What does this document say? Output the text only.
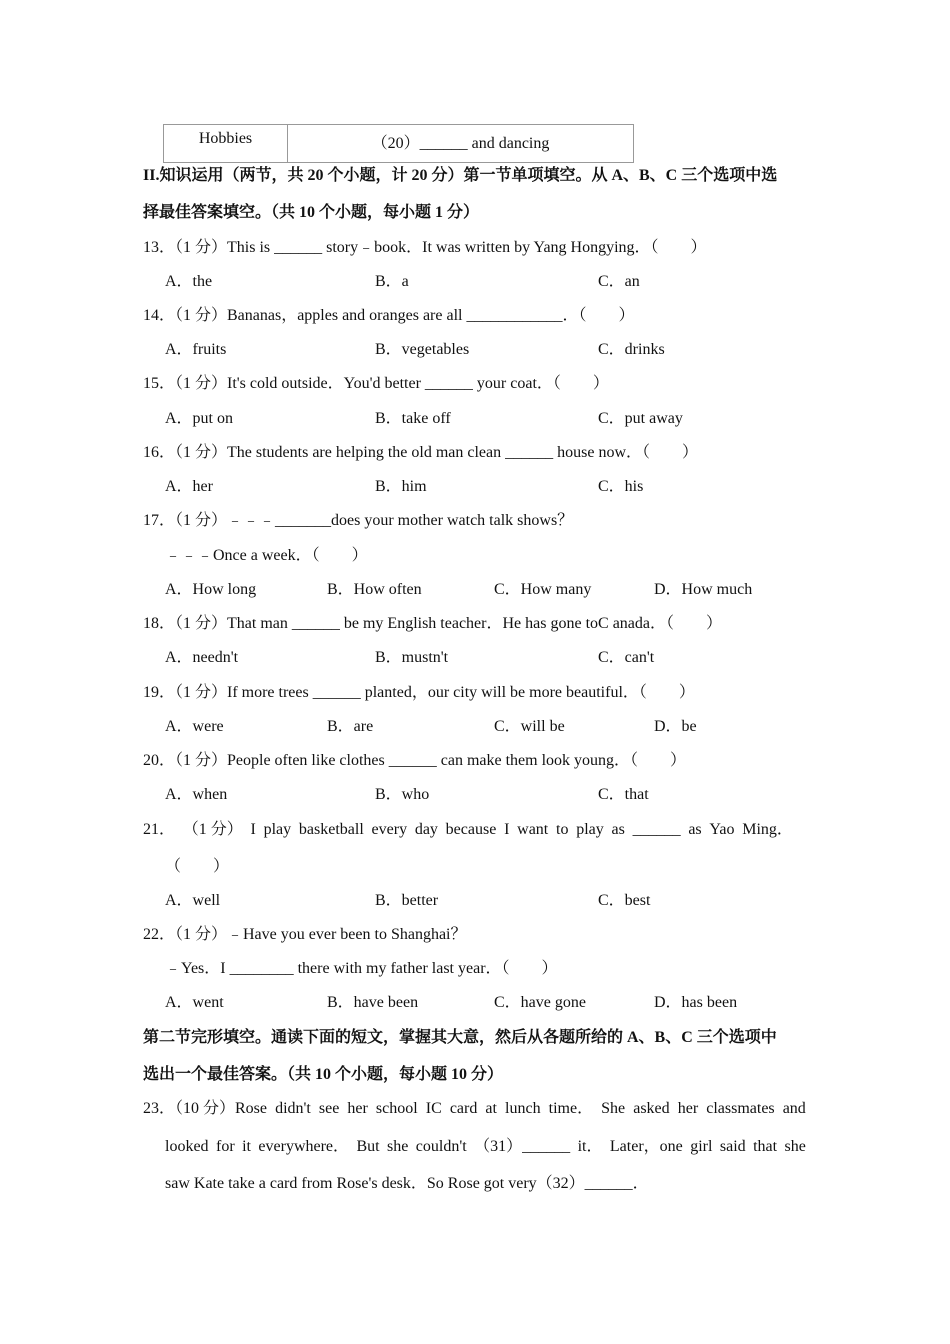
Hobbies	（20）______ and dancing
II.知识运用（两节，共 20 个小题，计 20 分）第一节单项填空。从 A、B、C 三个选项中选
择最佳答案填空。（共 10 个小题，每小题 1 分）
13．（1 分）This is ______ story﹣book．It was written by Yang Hongying．（　　）
A．the	B．a	C．an
14．（1 分）Bananas，apples and oranges are all ____________．（　　）
A．fruits	B．vegetables	C．drinks
15．（1 分）It's cold outside．You'd better ______ your coat．（　　）
A．put on	B．take off	C．put away
16．（1 分）The students are helping the old man clean ______ house now．（　　）
A．her	B．him	C．his
17．（1 分）﹣﹣﹣_______does your mother watch talk shows？
﹣﹣﹣Once a week．（　　）
A．How long	B．How often	C．How many	D．How much
18．（1 分）That man ______ be my English teacher．He has gone toC anada．（　　）
A．needn't	B．mustn't	C．can't
19．（1 分）If more trees ______ planted，our city will be more beautiful．（　　）
A．were	B．are	C．will be	D．be
20．（1 分）People often like clothes ______ can make them look young．（　　）
A．when	B．who	C．that
21． （1 分） I play basketball every day because I want to play as ______ as Yao Ming．
（　　）
A．well	B．better	C．best
22．（1 分）﹣Have you ever been to Shanghai？
﹣Yes．I ________ there with my father last year．（　　）
A．went	B．have been	C．have gone	D．has been
第二节完形填空。通读下面的短文，掌握其大意，然后从各题所给的 A、B、C 三个选项中
选出一个最佳答案。（共 10 个小题，每小题 10 分）
23．（10 分）Rose didn't see her school IC card at lunch time． She asked her classmates and
looked for it everywhere． But she couldn't （31）______ it． Later，one girl said that she
saw Kate take a card from Rose's desk．So Rose got very（32）______．
